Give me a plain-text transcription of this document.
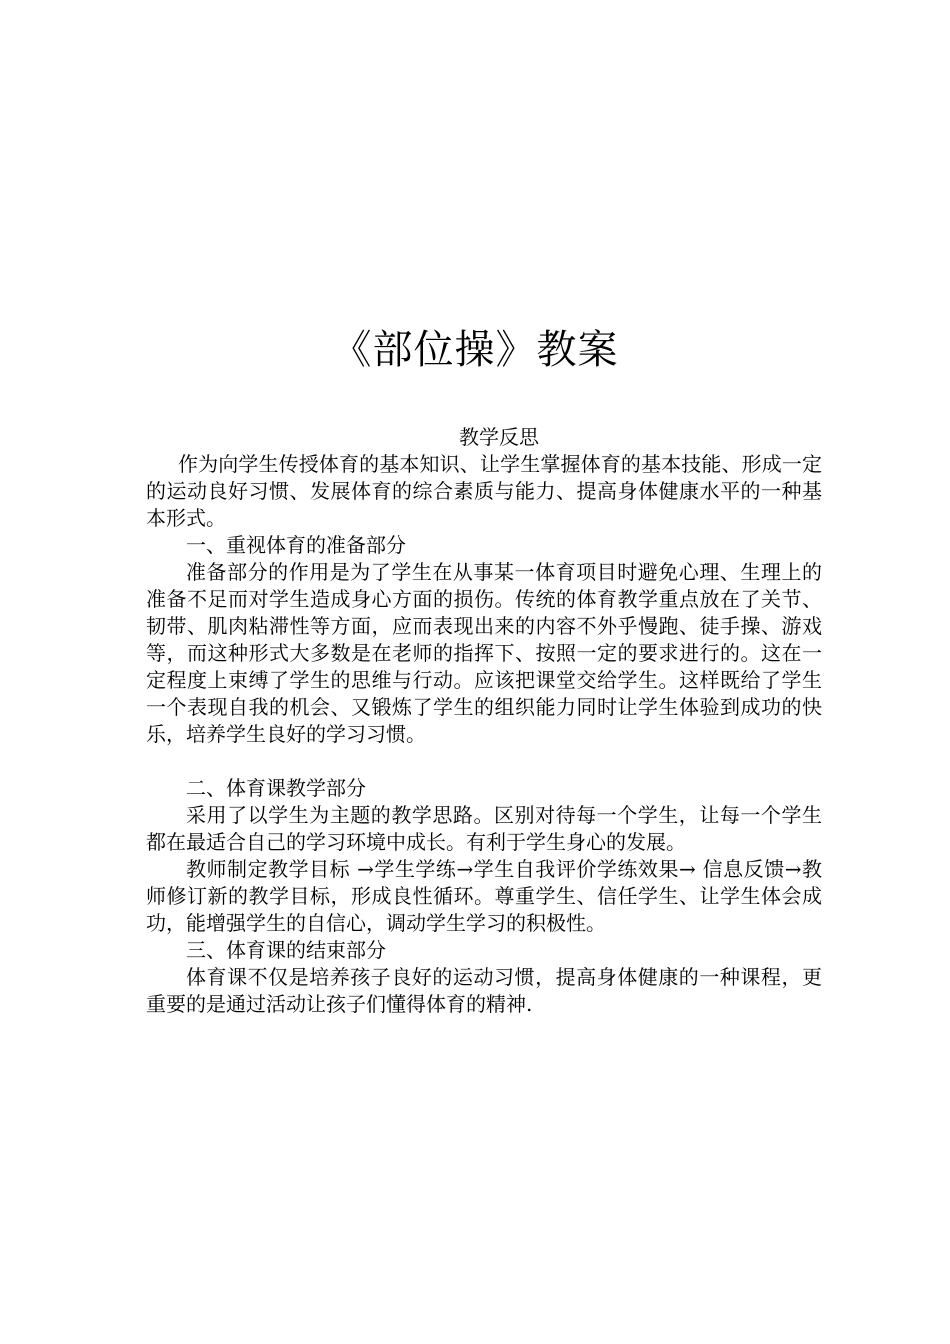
《部位操》教案

教学反思

作为向学生传授体育的基本知识、让学生掌握体育的基本技能、形成一定的运动良好习惯、发展体育的综合素质与能力、提高身体健康水平的一种基本形式。

一、重视体育的准备部分

准备部分的作用是为了学生在从事某一体育项目时避免心理、生理上的准备不足而对学生造成身心方面的损伤。传统的体育教学重点放在了关节、韧带、肌肉粘滞性等方面，应而表现出来的内容不外乎慢跑、徒手操、游戏等，而这种形式大多数是在老师的指挥下、按照一定的要求进行的。这在一定程度上束缚了学生的思维与行动。应该把课堂交给学生。这样既给了学生一个表现自我的机会、又锻炼了学生的组织能力同时让学生体验到成功的快乐，培养学生良好的学习习惯。

二、体育课教学部分

采用了以学生为主题的教学思路。区别对待每一个学生，让每一个学生都在最适合自己的学习环境中成长。有利于学生身心的发展。

教师制定教学目标 →学生学练→学生自我评价学练效果→ 信息反馈→教师修订新的教学目标，形成良性循环。尊重学生、信任学生、让学生体会成功，能增强学生的自信心，调动学生学习的积极性。

三、体育课的结束部分

体育课不仅是培养孩子良好的运动习惯，提高身体健康的一种课程，更重要的是通过活动让孩子们懂得体育的精神.
